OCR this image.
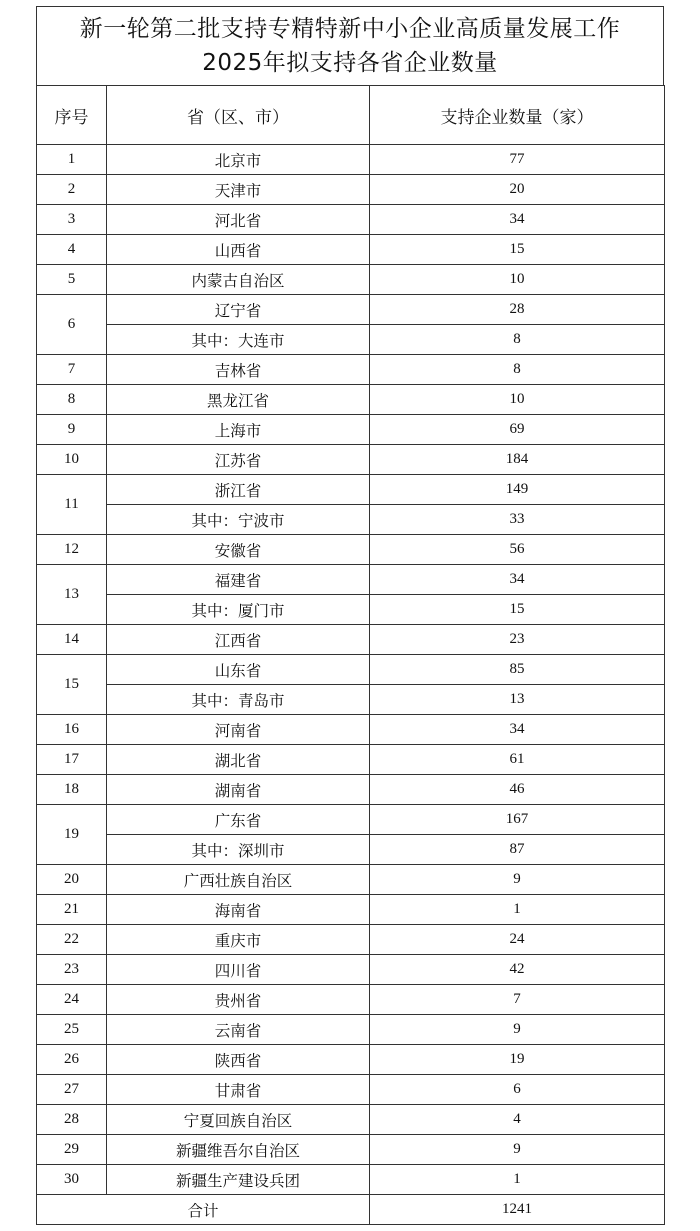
新一轮第二批支持专精特新中小企业高质量发展工作
2025年拟支持各省企业数量
序号	省（区、市）	支持企业数量（家）
1	北京市	77
2	天津市	20
3	河北省	34
4	山西省	15
5	内蒙古自治区	10
6	辽宁省	28
	其中：大连市	8
7	吉林省	8
8	黑龙江省	10
9	上海市	69
10	江苏省	184
11	浙江省	149
	其中：宁波市	33
12	安徽省	56
13	福建省	34
	其中：厦门市	15
14	江西省	23
15	山东省	85
	其中：青岛市	13
16	河南省	34
17	湖北省	61
18	湖南省	46
19	广东省	167
	其中：深圳市	87
20	广西壮族自治区	9
21	海南省	1
22	重庆市	24
23	四川省	42
24	贵州省	7
25	云南省	9
26	陕西省	19
27	甘肃省	6
28	宁夏回族自治区	4
29	新疆维吾尔自治区	9
30	新疆生产建设兵团	1
合计		1241
